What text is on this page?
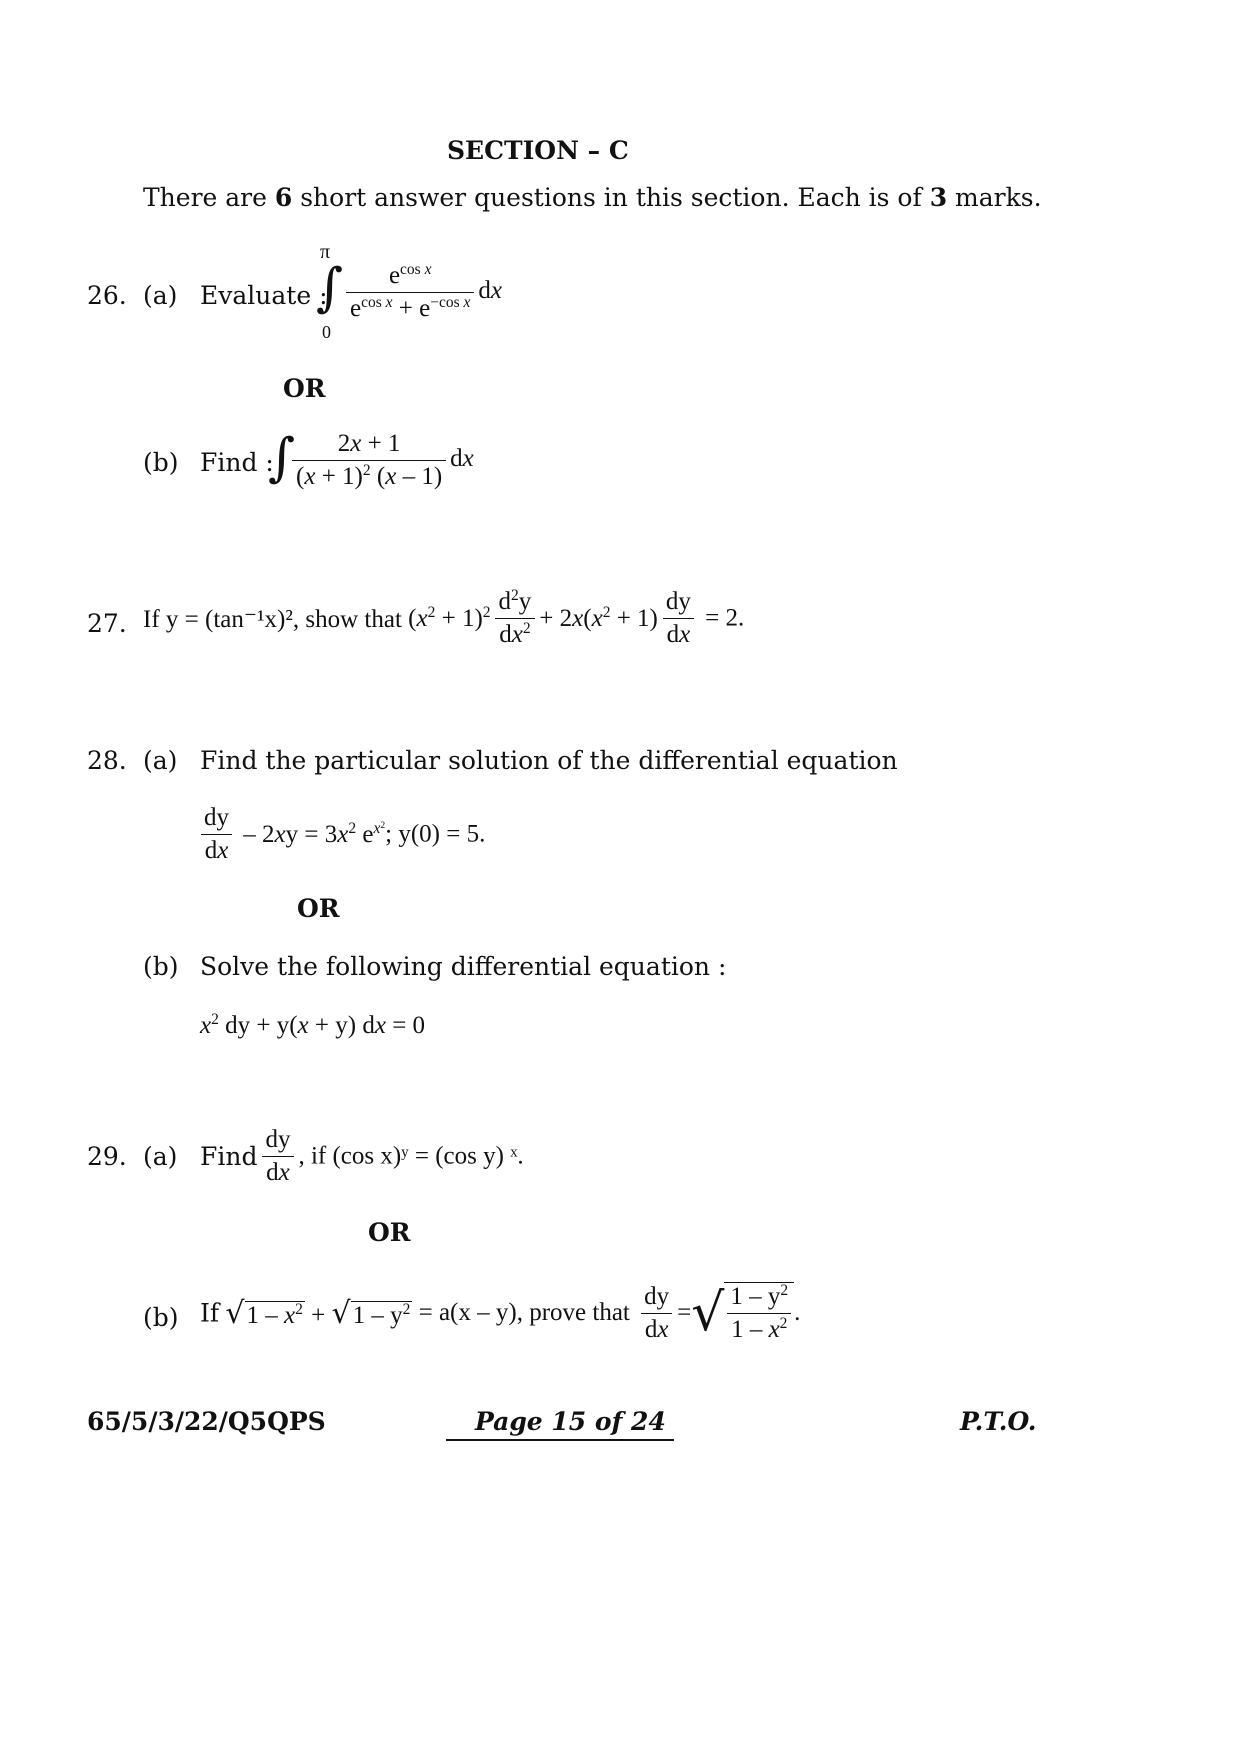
SECTION – C
There are 6 short answer questions in this section. Each is of 3 marks.
26. (a) Evaluate :
π
∫
0
$\frac{e^{cos x}}{e^{cos x} + e^{-cos x}}$ dx
OR
(b) Find :
∫
$\frac{2x + 1}{(x + 1)^2 (x - 1)}$ dx
27. If y = (tan⁻¹x)², show that $(x^2 + 1)^2 \frac{d^2y}{dx^2} + 2x(x^2 + 1) \frac{dy}{dx} = 2$.
28. (a) Find the particular solution of the differential equation
$\frac{dy}{dx} - 2xy = 3x^2$ $e^{x^2}$; y(0) = 5.
OR
(b) Solve the following differential equation :
$x^2$ dy + y(x + y) dx = 0
29. (a) Find $\frac{dy}{dx}$ , if (cos x)ʸ = (cos y) ˣ.
OR
(b) If $√1 - x^2 + √1 - y^2 = a(x - y)$, prove that $\frac{dy}{dx}$ =√ $\frac{1 - y^2}{1 - x^2}$ .
65/5/3/22/Q5QPS	Page 15 of 24	P.T.O.
